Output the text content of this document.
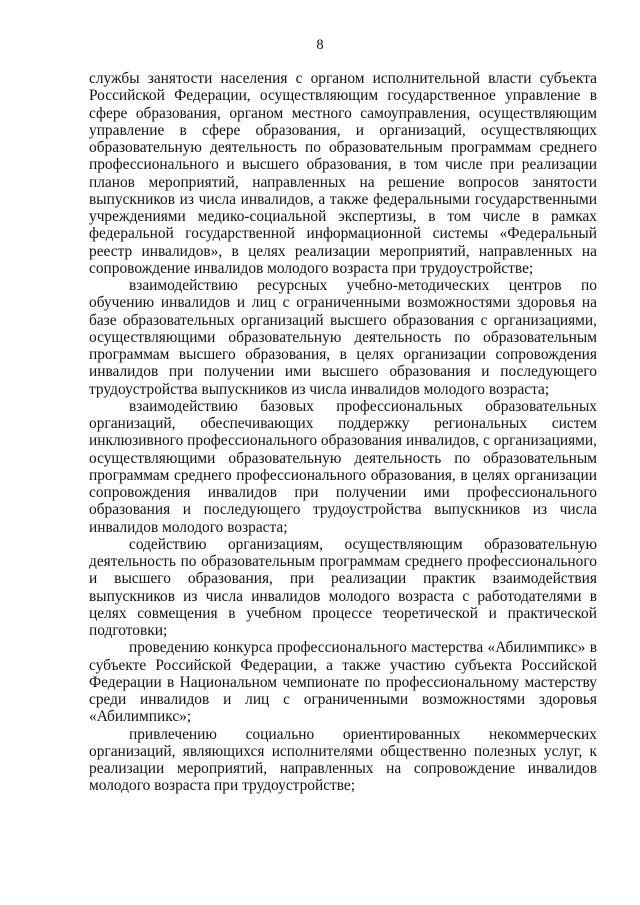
8

службы занятости населения с органом исполнительной власти субъекта Российской Федерации, осуществляющим государственное управление в сфере образования, органом местного самоуправления, осуществляющим управление в сфере образования, и организаций, осуществляющих образовательную деятельность по образовательным программам среднего профессионального и высшего образования, в том числе при реализации планов мероприятий, направленных на решение вопросов занятости выпускников из числа инвалидов, а также федеральными государственными учреждениями медико-социальной экспертизы, в том числе в рамках федеральной государственной информационной системы «Федеральный реестр инвалидов», в целях реализации мероприятий, направленных на сопровождение инвалидов молодого возраста при трудоустройстве;

взаимодействию ресурсных учебно-методических центров по обучению инвалидов и лиц с ограниченными возможностями здоровья на базе образовательных организаций высшего образования с организациями, осуществляющими образовательную деятельность по образовательным программам высшего образования, в целях организации сопровождения инвалидов при получении ими высшего образования и последующего трудоустройства выпускников из числа инвалидов молодого возраста;

взаимодействию базовых профессиональных образовательных организаций, обеспечивающих поддержку региональных систем инклюзивного профессионального образования инвалидов, с организациями, осуществляющими образовательную деятельность по образовательным программам среднего профессионального образования, в целях организации сопровождения инвалидов при получении ими профессионального образования и последующего трудоустройства выпускников из числа инвалидов молодого возраста;

содействию организациям, осуществляющим образовательную деятельность по образовательным программам среднего профессионального и высшего образования, при реализации практик взаимодействия выпускников из числа инвалидов молодого возраста с работодателями в целях совмещения в учебном процессе теоретической и практической подготовки;

проведению конкурса профессионального мастерства «Абилимпикс» в субъекте Российской Федерации, а также участию субъекта Российской Федерации в Национальном чемпионате по профессиональному мастерству среди инвалидов и лиц с ограниченными возможностями здоровья «Абилимпикс»;

привлечению социально ориентированных некоммерческих организаций, являющихся исполнителями общественно полезных услуг, к реализации мероприятий, направленных на сопровождение инвалидов молодого возраста при трудоустройстве;
